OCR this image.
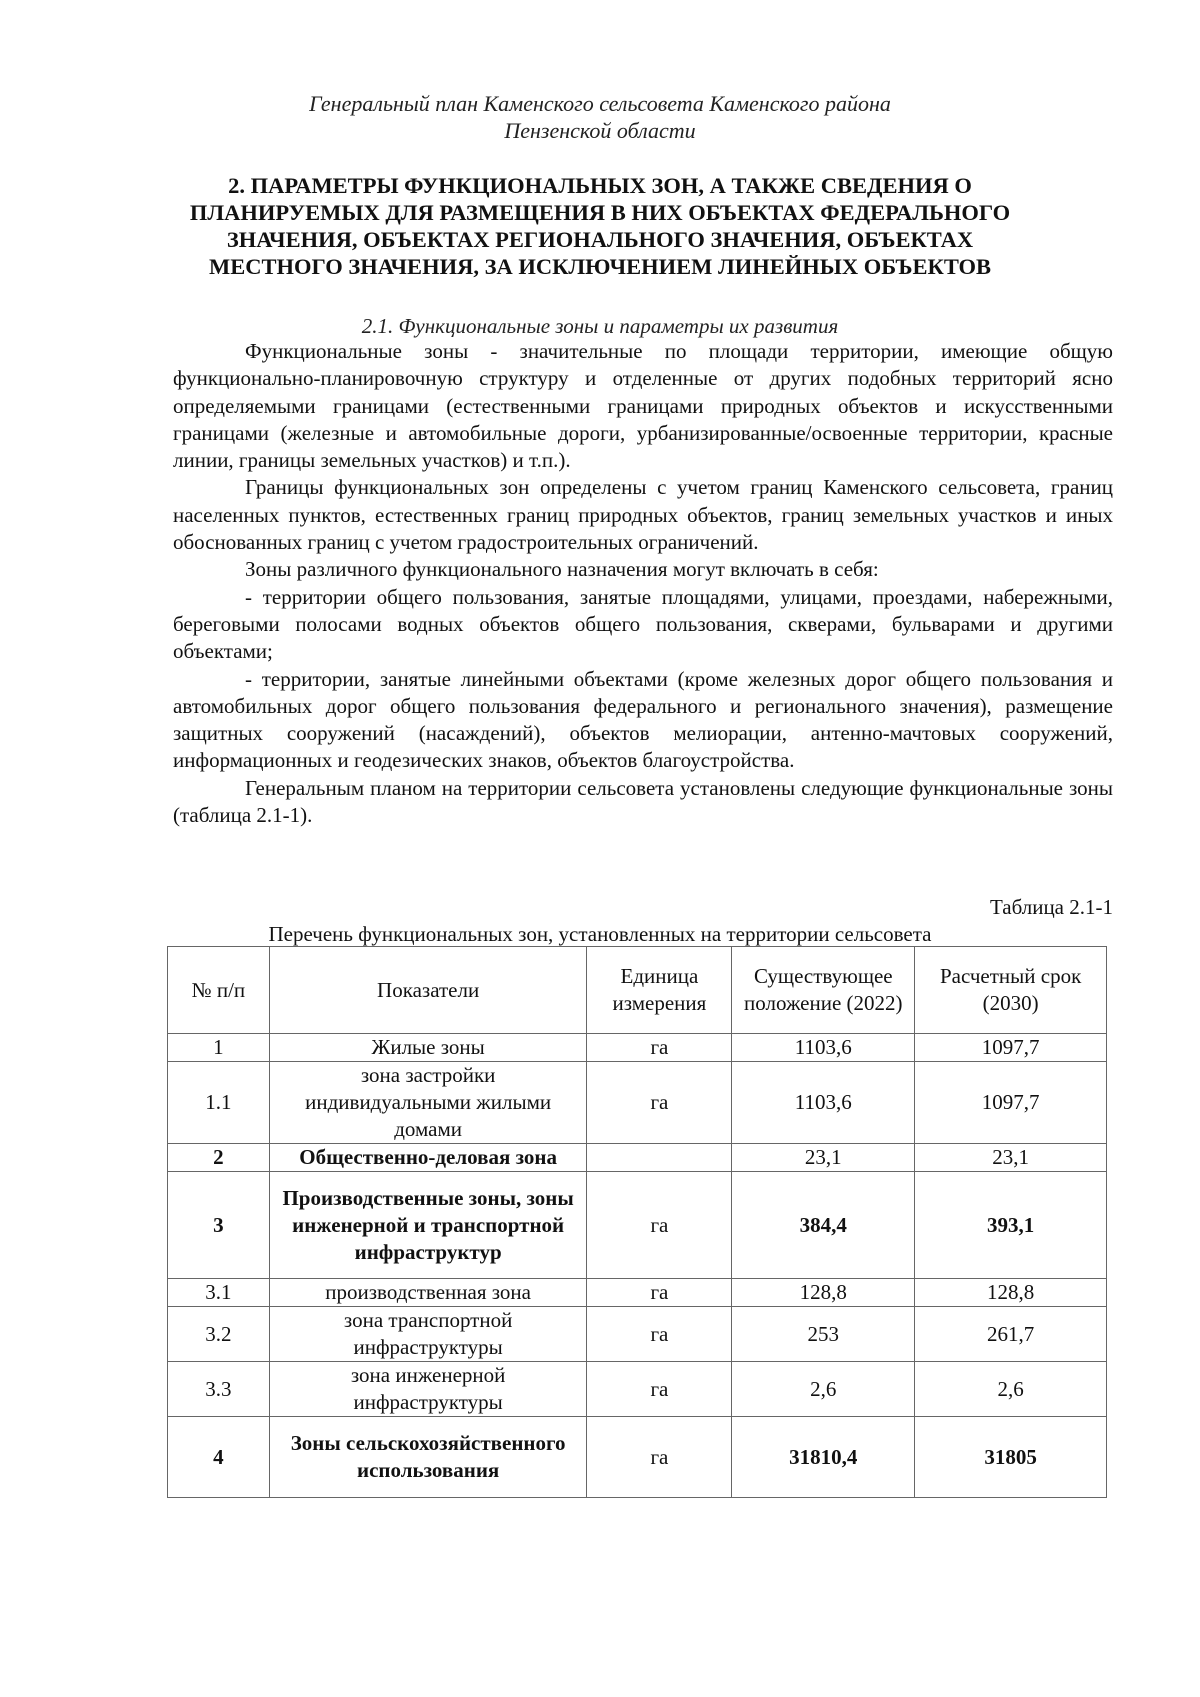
Генеральный план Каменского сельсовета Каменского района
Пензенской области
2. ПАРАМЕТРЫ ФУНКЦИОНАЛЬНЫХ ЗОН, А ТАКЖЕ СВЕДЕНИЯ О
ПЛАНИРУЕМЫХ ДЛЯ РАЗМЕЩЕНИЯ В НИХ ОБЪЕКТАХ ФЕДЕРАЛЬНОГО
ЗНАЧЕНИЯ, ОБЪЕКТАХ РЕГИОНАЛЬНОГО ЗНАЧЕНИЯ, ОБЪЕКТАХ
МЕСТНОГО ЗНАЧЕНИЯ, ЗА ИСКЛЮЧЕНИЕМ ЛИНЕЙНЫХ ОБЪЕКТОВ
2.1. Функциональные зоны и параметры их развития

Функциональные зоны - значительные по площади территории, имеющие общую функционально-планировочную структуру и отделенные от других подобных территорий ясно определяемыми границами (естественными границами природных объектов и искусственными границами (железные и автомобильные дороги, урбанизированные/освоенные территории, красные линии, границы земельных участков) и т.п.).

Границы функциональных зон определены с учетом границ Каменского сельсовета, границ населенных пунктов, естественных границ природных объектов, границ земельных участков и иных обоснованных границ с учетом градостроительных ограничений.

Зоны различного функционального назначения могут включать в себя:

- территории общего пользования, занятые площадями, улицами, проездами, набережными, береговыми полосами водных объектов общего пользования, скверами, бульварами и другими объектами;

- территории, занятые линейными объектами (кроме железных дорог общего пользования и автомобильных дорог общего пользования федерального и регионального значения), размещение защитных сооружений (насаждений), объектов мелиорации, антенно-мачтовых сооружений, информационных и геодезических знаков, объектов благоустройства.

Генеральным планом на территории сельсовета установлены следующие функциональные зоны (таблица 2.1-1).

Таблица 2.1-1
Перечень функциональных зон, установленных на территории сельсовета
№ п/п	Показатели	Единица измерения	Существующее положение (2022)	Расчетный срок (2030)
1	Жилые зоны	га	1103,6	1097,7
1.1	зона застройки индивидуальными жилыми домами	га	1103,6	1097,7
2	Общественно-деловая зона		23,1	23,1
3	Производственные зоны, зоны инженерной и транспортной инфраструктур	га	384,4	393,1
3.1	производственная зона	га	128,8	128,8
3.2	зона транспортной инфраструктуры	га	253	261,7
3.3	зона инженерной инфраструктуры	га	2,6	2,6
4	Зоны сельскохозяйственного использования	га	31810,4	31805
